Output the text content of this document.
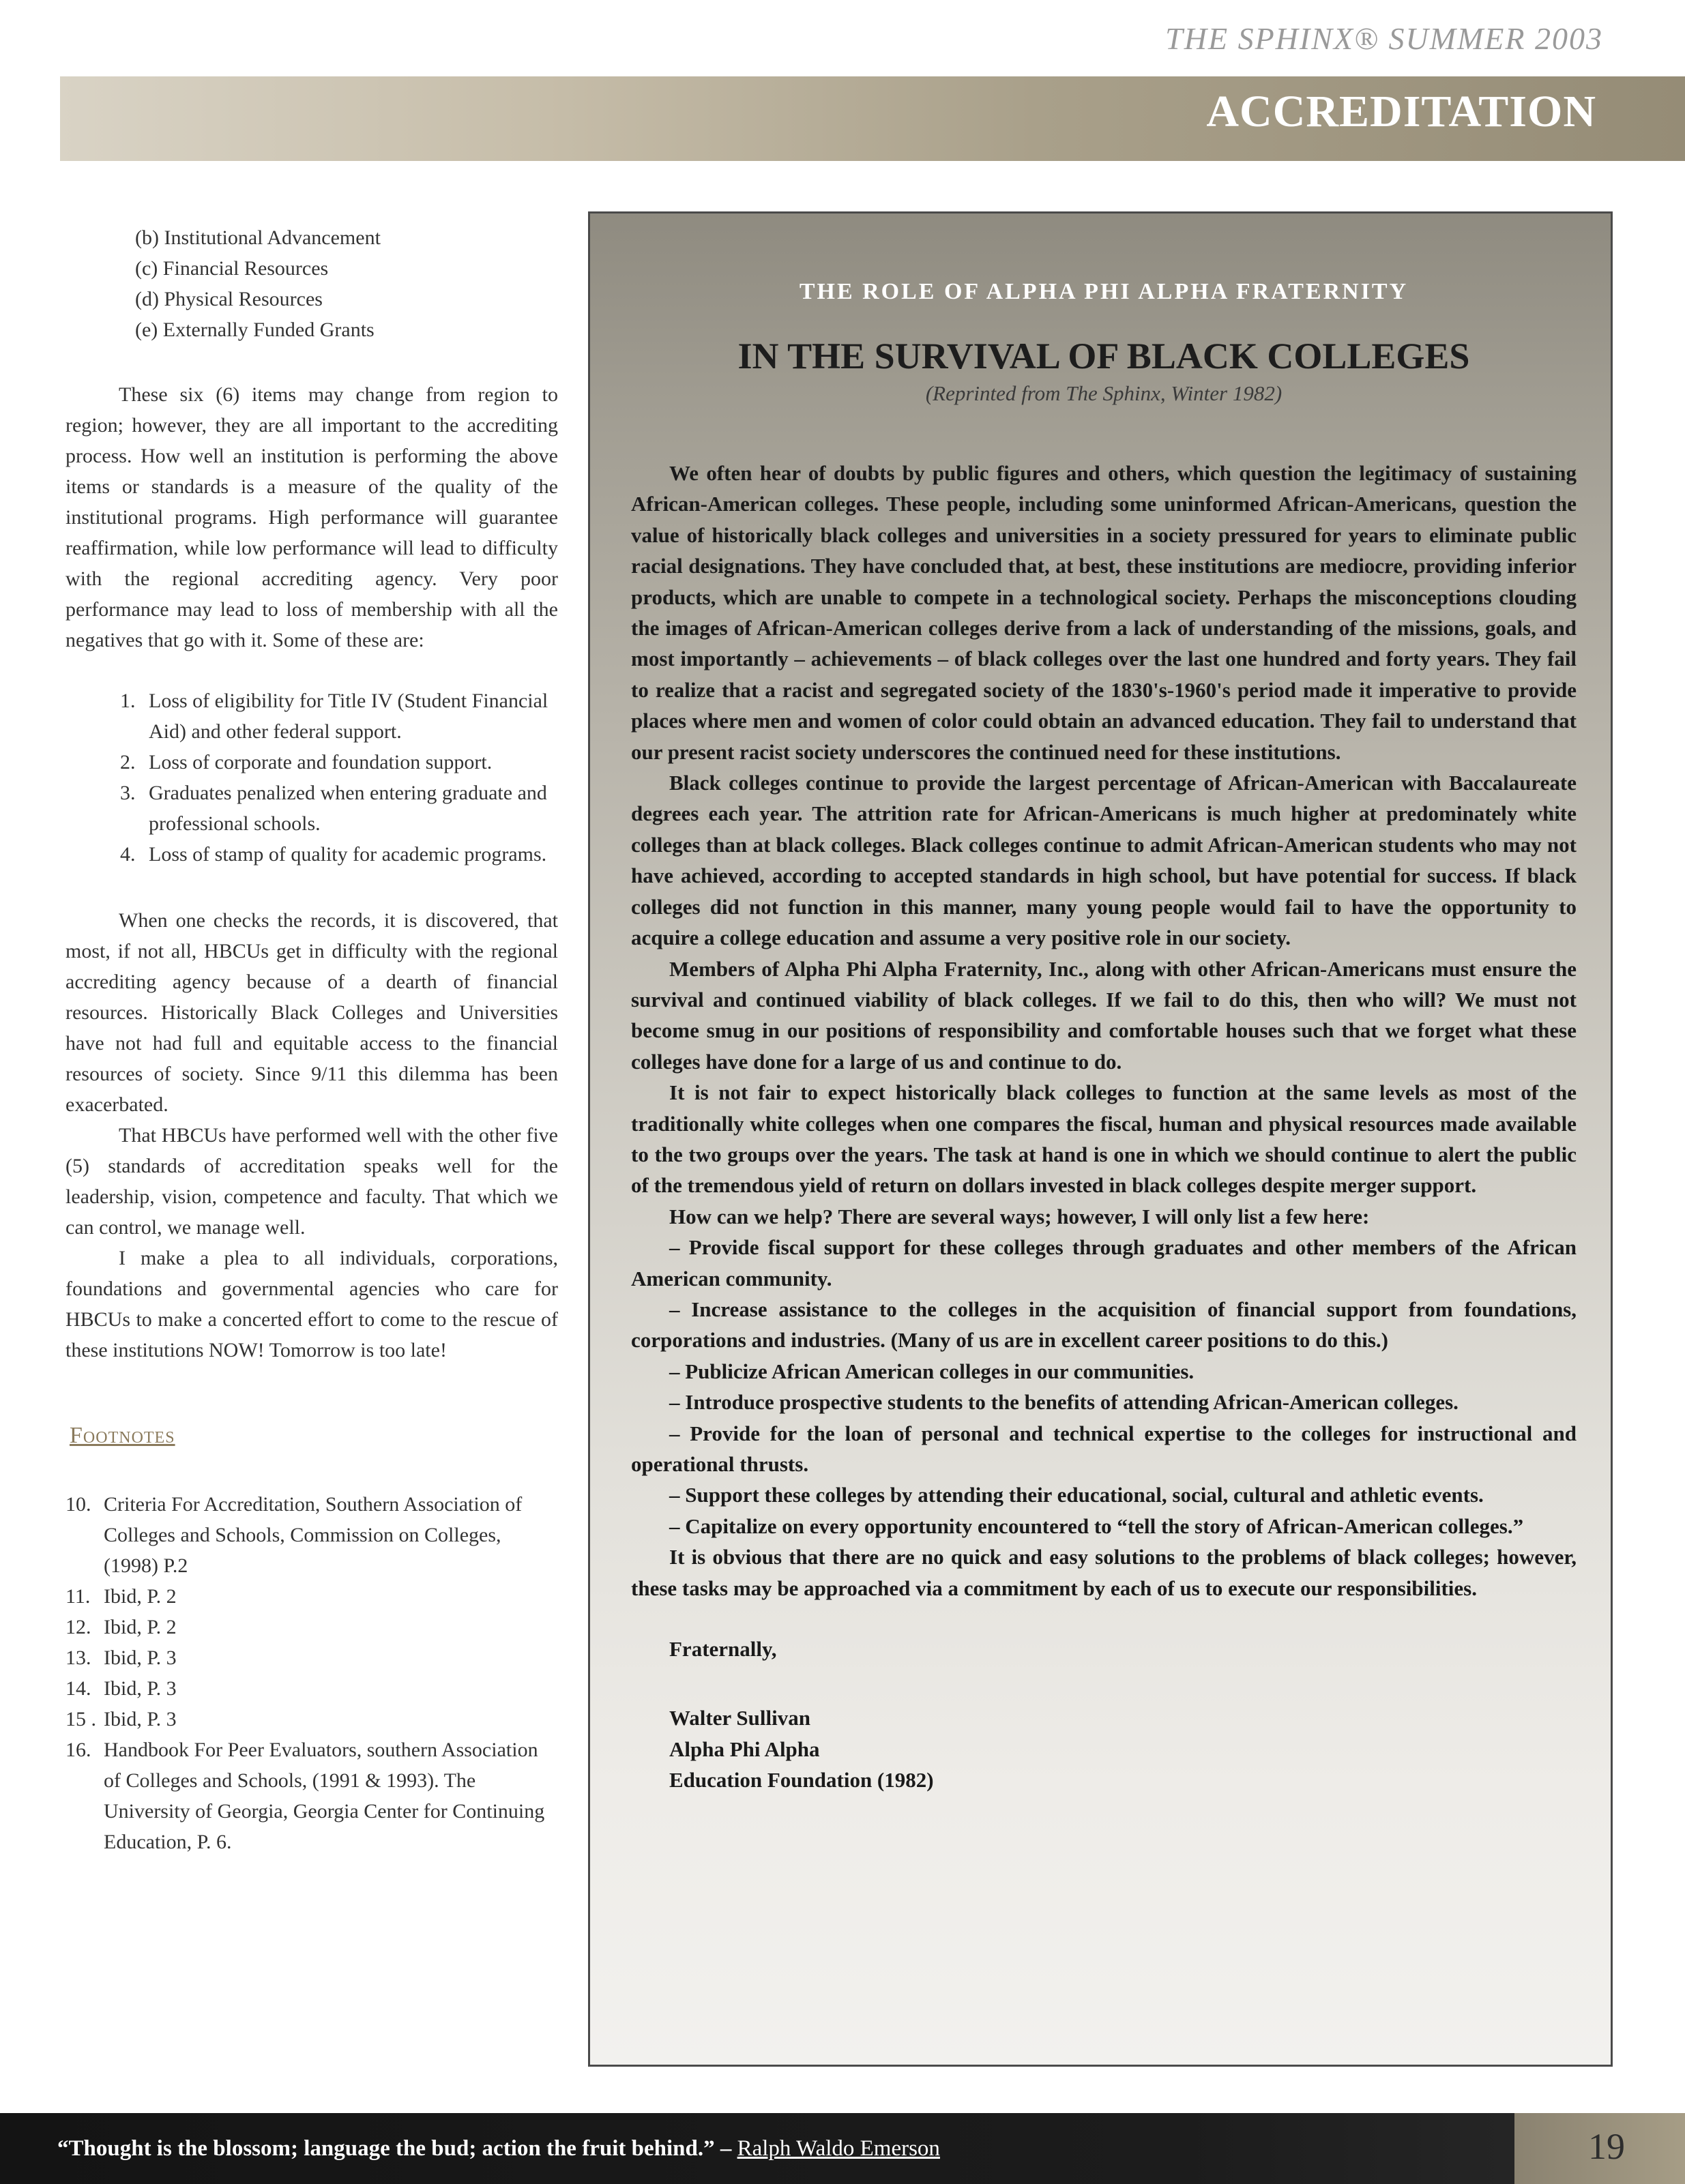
THE SPHINX® SUMMER 2003
ACCREDITATION
(b) Institutional Advancement
(c) Financial Resources
(d) Physical Resources
(e) Externally Funded Grants

These six (6) items may change from region to region; however, they are all important to the accrediting process. How well an institution is performing the above items or standards is a measure of the quality of the institutional programs. High performance will guarantee reaffirmation, while low performance will lead to difficulty with the regional accrediting agency. Very poor performance may lead to loss of membership with all the negatives that go with it. Some of these are:

1. Loss of eligibility for Title IV (Student Financial Aid) and other federal support.
2. Loss of corporate and foundation support.
3. Graduates penalized when entering graduate and professional schools.
4. Loss of stamp of quality for academic programs.

When one checks the records, it is discovered, that most, if not all, HBCUs get in difficulty with the regional accrediting agency because of a dearth of financial resources. Historically Black Colleges and Universities have not had full and equitable access to the financial resources of society. Since 9/11 this dilemma has been exacerbated.

That HBCUs have performed well with the other five (5) standards of accreditation speaks well for the leadership, vision, competence and faculty. That which we can control, we manage well.

I make a plea to all individuals, corporations, foundations and governmental agencies who care for HBCUs to make a concerted effort to come to the rescue of these institutions NOW! Tomorrow is too late!

Footnotes
10. Criteria For Accreditation, Southern Association of Colleges and Schools, Commission on Colleges, (1998) P.2
11. Ibid, P. 2
12. Ibid, P. 2
13. Ibid, P. 3
14. Ibid, P. 3
15 . Ibid, P. 3
16. Handbook For Peer Evaluators, southern Association of Colleges and Schools, (1991 & 1993). The University of Georgia, Georgia Center for Continuing Education, P. 6.
THE ROLE OF ALPHA PHI ALPHA FRATERNITY
IN THE SURVIVAL OF BLACK COLLEGES
(Reprinted from The Sphinx, Winter 1982)

We often hear of doubts by public figures and others, which question the legitimacy of sustaining African-American colleges. These people, including some uninformed African-Americans, question the value of historically black colleges and universities in a society pressured for years to eliminate public racial designations. They have concluded that, at best, these institutions are mediocre, providing inferior products, which are unable to compete in a technological society. Perhaps the misconceptions clouding the images of African-American colleges derive from a lack of understanding of the missions, goals, and most importantly – achievements – of black colleges over the last one hundred and forty years. They fail to realize that a racist and segregated society of the 1830's-1960's period made it imperative to provide places where men and women of color could obtain an advanced education. They fail to understand that our present racist society underscores the continued need for these institutions.

Black colleges continue to provide the largest percentage of African-American with Baccalaureate degrees each year. The attrition rate for African-Americans is much higher at predominately white colleges than at black colleges. Black colleges continue to admit African-American students who may not have achieved, according to accepted standards in high school, but have potential for success. If black colleges did not function in this manner, many young people would fail to have the opportunity to acquire a college education and assume a very positive role in our society.

Members of Alpha Phi Alpha Fraternity, Inc., along with other African-Americans must ensure the survival and continued viability of black colleges. If we fail to do this, then who will? We must not become smug in our positions of responsibility and comfortable houses such that we forget what these colleges have done for a large of us and continue to do.

It is not fair to expect historically black colleges to function at the same levels as most of the traditionally white colleges when one compares the fiscal, human and physical resources made available to the two groups over the years. The task at hand is one in which we should continue to alert the public of the tremendous yield of return on dollars invested in black colleges despite merger support.

How can we help? There are several ways; however, I will only list a few here:

– Provide fiscal support for these colleges through graduates and other members of the African American community.

– Increase assistance to the colleges in the acquisition of financial support from foundations, corporations and industries. (Many of us are in excellent career positions to do this.)

– Publicize African American colleges in our communities.

– Introduce prospective students to the benefits of attending African-American colleges.

– Provide for the loan of personal and technical expertise to the colleges for instructional and operational thrusts.

– Support these colleges by attending their educational, social, cultural and athletic events.

– Capitalize on every opportunity encountered to “tell the story of African-American colleges.”

It is obvious that there are no quick and easy solutions to the problems of black colleges; however, these tasks may be approached via a commitment by each of us to execute our responsibilities.

Fraternally,
Walter Sullivan
Alpha Phi Alpha
Education Foundation (1982)
“Thought is the blossom; language the bud; action the fruit behind.” – Ralph Waldo Emerson	19
